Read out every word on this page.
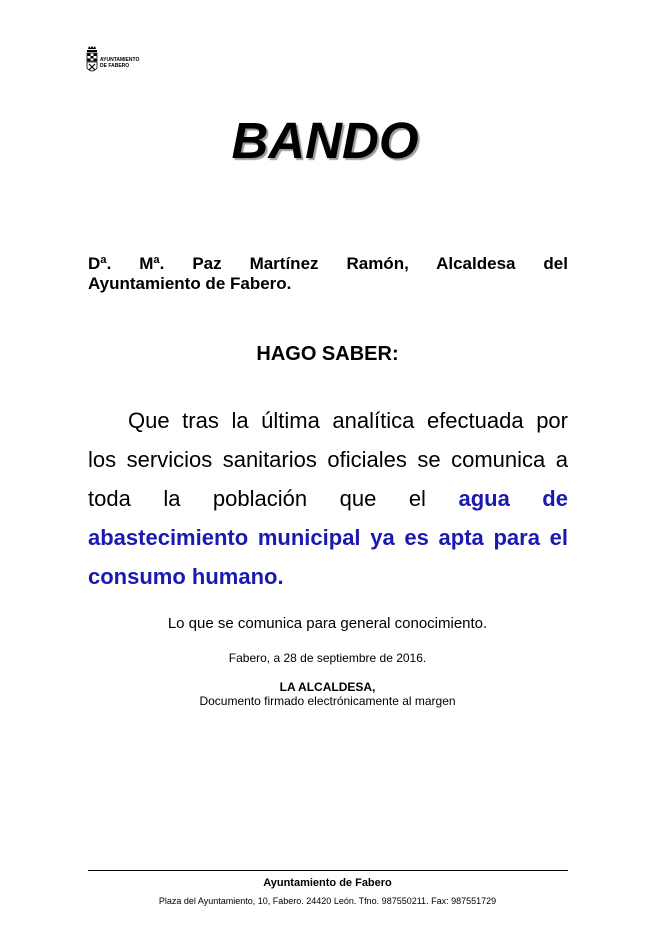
AYUNTAMIENTO
DE FABERO
BANDO
Dª. Mª. Paz Martínez Ramón, Alcaldesa del
Ayuntamiento de Fabero.
HAGO SABER:
Que tras la última analítica efectuada por
los servicios sanitarios oficiales se comunica a
toda la población que el agua de
abastecimiento municipal ya es apta para el
consumo humano.
Lo que se comunica para general conocimiento.
Fabero, a 28 de septiembre de 2016.
LA ALCALDESA,
Documento firmado electrónicamente al margen
Ayuntamiento de Fabero
Plaza del Ayuntamiento, 10, Fabero. 24420 León. Tfno. 987550211. Fax: 987551729
